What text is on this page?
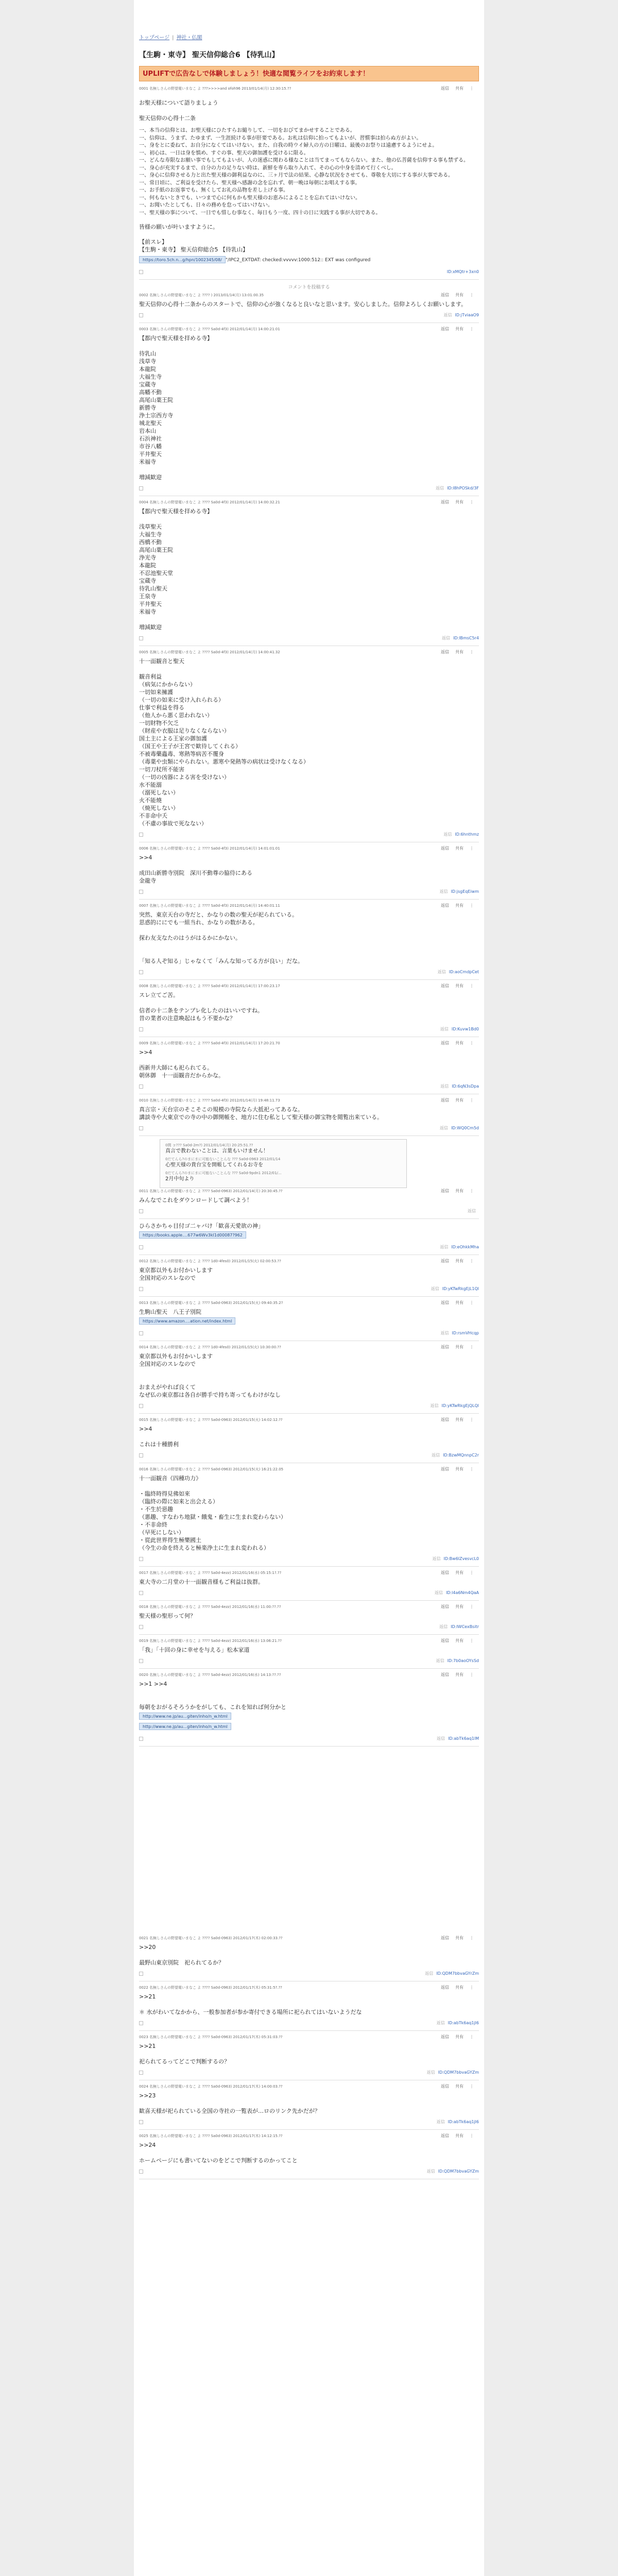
トップページ | 神社・仏閣
【生駒・東寺】 聖天信仰総合6 【待乳山】
UPLIFTで広告なしで体験しましょう！快適な閲覧ライフをお約束します！
0001 名無しさんの野望電いまなこ よ ???>>>>and ofoh96 2013/01/14(月) 12:30:15.??	返信 共有 ⋮
お聖天様について語りましょう

聖天信仰の心得十二条
一、本当の信仰とは、お聖天様にひたすらお縋りして、一切をおびてまかせすることである。
一、信仰は、うまず、たゆまず、一生涯続ける事が肝要である。お札は信仰に拍ってもよいが、習慣事は拍らぬ方がよい。
一、身をとに委ねて、お自分になくてはいけない。また、自我の時ウイ婦人の方の日曜は、最後のお祭りは遠慮するようにせよ。
一、初心は、一日は身を慎め、すぐの事、聖天の御加護を受けるに限る。
一、どんな寿限なお願い事でもしてもよいが、人の迷惑に関わる様なことは当てまってもならない。また、他の仏菩薩を信仰する事も禁ずる。
一、身心が充実するまで、自分の力の足りない時は、新鮮を専ら取り入れて、その心の中身を清めて行くべし。
一、身心に信仰させる力と出た聖天様の御利益なのに、三ヶ月で法の結果、心静な状況をさせても、尊敬を大切にする事が大事である。
一、常日頃に、ご利益を受けたら、聖天様へ感謝の念を忘れず、朝一晩は毎朝にお唱えする事。
一、お手紙のお返事でも、無くしてお礼の品物を差し上げる事。
一、何もないときでも、いつまで心に何もかも聖天様のお恵みによることを忘れてはいけない。
一、お聞いたとしても、日々の務めを怠ってはいけない。
一、聖天様の事について、一日でも惜しむ事なく、毎日もう一度、四十の日に実践する事が大切である。
皆様の願いが叶いますように。
【前スレ】
【生駒・東寺】 聖天信仰総合5 【待乳山】
https://toro.5ch.n...g/hpn/1002345/08/ "/IPC2_EXTDAT: checked:vvvvv:1000:512:: EXT was configured
ID:xMQtr+3xn0
コメントを投稿する
0002 名無しさんの野望電いまなこ よ ???? ) 2013/01/14(月) 13:01:00.35	返信 共有 ⋮
聖天信仰の心得十二条からのスタートで、信仰の心が強くなると良いなと思います。安心しました。信仰よろしくお願いします。
返信 ID:jTviaaO9
0003 名無しさんの野望電いまなこ よ ???? Sa0d-4f3) 2012/01/14(月) 14:00:21.01	返信 共有 ⋮
【都内で聖天様を拝める寺】

待乳山
浅草寺
本龍院
大福生寺
宝蔵寺
高幡不動
高尾山薬王院
新勝寺
浄土宗西方寺
城北聖天
岩本山
石浜神社
市谷八幡
平井聖天
米福寺

増減歓迎
返信 ID:l8hPOSkd/3F
0004 名無しさんの野望電いまなこ よ ???? Sa0d-4f3) 2012/01/14(月) 14:00:32.21	返信 共有 ⋮
【都内で聖天様を拝める寺】

浅草聖天
大福生寺
西橋不動
高尾山薬王院
浄光寺
本龍院
不忍池聖天堂
宝蔵寺
待乳山聖天
王泉寺
平井聖天
米福寺

増減歓迎
返信 ID:lBmsC5r4
0005 名無しさんの野望電いまなこ よ ???? Sa0d-4f3) 2012/01/14(月) 14:00:41.32	返信 共有 ⋮
十一面観音と聖天

観音利益
（病気にかからない）
一切如来擁護
（一切の如来に受け入れられる）
仕事で利益を得る
（他人から悪く思われない）
一切財物不欠乏
（財産や衣服は足りなくならない）
国土主による王家の御加護
（国王や王子が王宮で歓待してくれる）
不被毒藥蟲毒、寒熱等病苦不覆身
（毒薬や虫類にやられない。悪寒や発熱等の病状は受けなくなる）
一切刀杖所不能害
（一切の凶器による害を受けない）
水不能溺
（溺死しない）
火不能燒
（焼死しない）
不非命中夭
（不慮の事故で死なない）
返信 ID:6hnthmz
0006 名無しさんの野望電いまなこ よ ???? Sa0d-4f3) 2012/01/14(月) 14:01:01.01	返信 共有 ⋮
>>4

成田山新勝寺別院　深川不動尊の脇侍にある
金龍寺
返信 ID:jsgEqEiwm
0007 名無しさんの野望電いまなこ よ ???? Sa0d-4f3) 2012/01/14(月) 14:40:01.11	返信 共有 ⋮
突然、東京天台の寺だと、かなりの数の聖天が祀られている。
思惑的ににでも一組当れ、かなりの数がある。

探わ友支なたのはうがはるかにかない。

「知る人ぞ知る」じゃなくて「みんな知ってる方が良い」だな。
返信 ID:aoCmdpCet
0008 名無しさんの野望電いまなこ よ ???? Sa0d-4f3) 2012/01/14(月) 17:00:23.17	返信 共有 ⋮
スレ立てご苦。

信者の十二条をテンプレ化したのはいいですね。
昔の業者の注意喚起はもう不要かな？
返信 ID:Kuvw1Bd0
0009 名無しさんの野望電いまなこ よ ???? Sa0d-4f3) 2012/01/14(月) 17:20:21.70	返信 共有 ⋮
>>4

西新井大師にも祀られてる。
朝休御　十一面観音だからかな。
返信 ID:6qN3sDpa
0010 名無しさんの野望電いまなこ よ ???? Sa0d-4f3) 2012/01/14(月) 19:48:11.73	返信 共有 ⋮
真言宗・天台宗のそこそこの規模の寺院なら大抵祀ってあるな。
講談寺や大東京での寺の中の御開帳を、地方に住む私として聖天様の御宝物を閲覧出来ている。
返信 ID:WQ0Cm5d
0間 コ??? Sa0d-2m?) 2012/01/14(月) 20:25:51.??
真言で教わないことは、言葉もいけません！
0だてんら?のまにまに可能ないことんな ??? Sa0d-0963 2012/01/14
心聖天様の貴台宝を開帳してくれるお寺を
0だてんら?のまにまに可能ないことんな ??? Sa0d-9pdn1 2012/01/...
2月中旬より
0011 名無しさんの野望電いまなこ よ ???? Sa0d-0963) 2012/01/14(月) 20:30:45.??	返信 共有 ⋮
みんなでこれをダウンロードして調べよう！
返信
ひらさかちゃ目付ゴ二ャバけ「歓喜天愛欲の神」
https://books.apple....677w6Wv3kl1d00087?962
返信 ID:eOhkkMha
0012 名無しさんの野望電いまなこ よ ???? 1d0-4fes0) 2012/01/15(火) 02:00:53.??	返信 共有 ⋮
東京都以外もお付かいします
全国対応のスレなので
返信 ID:yKTwRkgEjL1Ql
0013 名無しさんの野望電いまなこ よ ???? Sa0d-0963) 2012/01/15(火) 09:40:35.2?	返信 共有 ⋮
生駒山聖天　八王子別院
https://www.amazon....ation.net/index.html
返信 ID:rsmVHcqp
0014 名無しさんの野望電いまなこ よ ???? 1d0-4fes0) 2012/01/15(火) 10:30:00.??	返信 共有 ⋮
東京都以外もお付かいします
全国対応のスレなので

おまえがやれば良くて
なぜ仏の東京都は各自が勝手で持ち寄ってもわけがなし
返信 ID:yKTwRkgEjQLQl
0015 名無しさんの野望電いまなこ よ ???? Sa0d-0963) 2012/01/15(火) 14:02:12.??	返信 共有 ⋮
>>4

これは十種勝利
返信 ID:BzwMQnnpC2r
0016 名無しさんの野望電いまなこ よ ???? Sa0d-0963) 2012/01/15(火) 16:21:22.05	返信 共有 ⋮
十一面観音《四種功力》

・臨終時得見佛如來
（臨終の際に如来と出会える）
・不生於惡趣
（悪趣、すなわち地獄・餓鬼・畜生に生まれ変わらない）
・不非命終
（早死にしない）
・從此世界得生極樂國土
（今生の命を終えると極楽浄土に生まれ変われる）
返信 ID:Bw6lZvesvcL0
0017 名無しさんの野望電いまなこ よ ???? Sa0d-4ezz) 2012/01/16(水) 05:15:1?.??	返信 共有 ⋮
東大寺の二月堂の十一面観音様もご利益は抜群。
返信 ID:l4a6Nm4QaA
0018 名無しさんの野望電いまなこ よ ???? Sa0d-4ezz) 2012/01/16(水) 11:00:??.??	返信 共有 ⋮
聖天様の聖形って何？
返信 ID:IWCexBsitr
0019 名無しさんの野望電いまなこ よ ???? Sa0d-4ezz) 2012/01/16(水) 13:06:21.??	返信 共有 ⋮
「我」「十回の身に幸せを与える」松本家道
返信 ID:7b0aoOYsSd
0020 名無しさんの野望電いまなこ よ ???? Sa0d-4ezz) 2012/01/16(水) 14:13:??.??	返信 共有 ⋮
>>1 >>4

毎朝をおがるそろうかをがしても、これを知れば何分かと
http://www.ne.jp/au...giten/inho/n_w.html
http://www.ne.jp/au...giten/inho/n_w.html
返信 ID:abTk6aq1lM
0021 名無しさんの野望電いまなこ よ ???? Sa0d-0963) 2012/01/17(木) 02:00:33.??	返信 共有 ⋮
>>20

最野山東京別院　祀られてるか？
返信 ID:QDM7bbvaGYrZm
0022 名無しさんの野望電いまなこ よ ???? Sa0d-0963) 2012/01/17(木) 05:31:5?.??	返信 共有 ⋮
>>21

＊ 水がわいてなかから、一般参加者が参か寄付できる場所に祀られてはいないようだな
返信 ID:abTk6aq1jl6
0023 名無しさんの野望電いまなこ よ ???? Sa0d-0963) 2012/01/17(木) 05:31:03.??	返信 共有 ⋮
>>21

祀られてるってどこで判断するの？
返信 ID:QDM7bbvaGYZm
0024 名無しさんの野望電いまなこ よ ???? Sa0d-0963) 2012/01/17(木) 14:00:03.??	返信 共有 ⋮
>>23

歓喜天様が祀られている全国の寺社の一覧表が…ロのリンク先かだが？
返信 ID:abTk6aq1jl6
0025 名無しさんの野望電いまなこ よ ???? Sa0d-0963) 2012/01/17(木) 14:12:15.??	返信 共有 ⋮
>>24

ホームページにも書いてないのをどこで判断するのかってこと
返信 ID:QDM7bbvaGYZm
